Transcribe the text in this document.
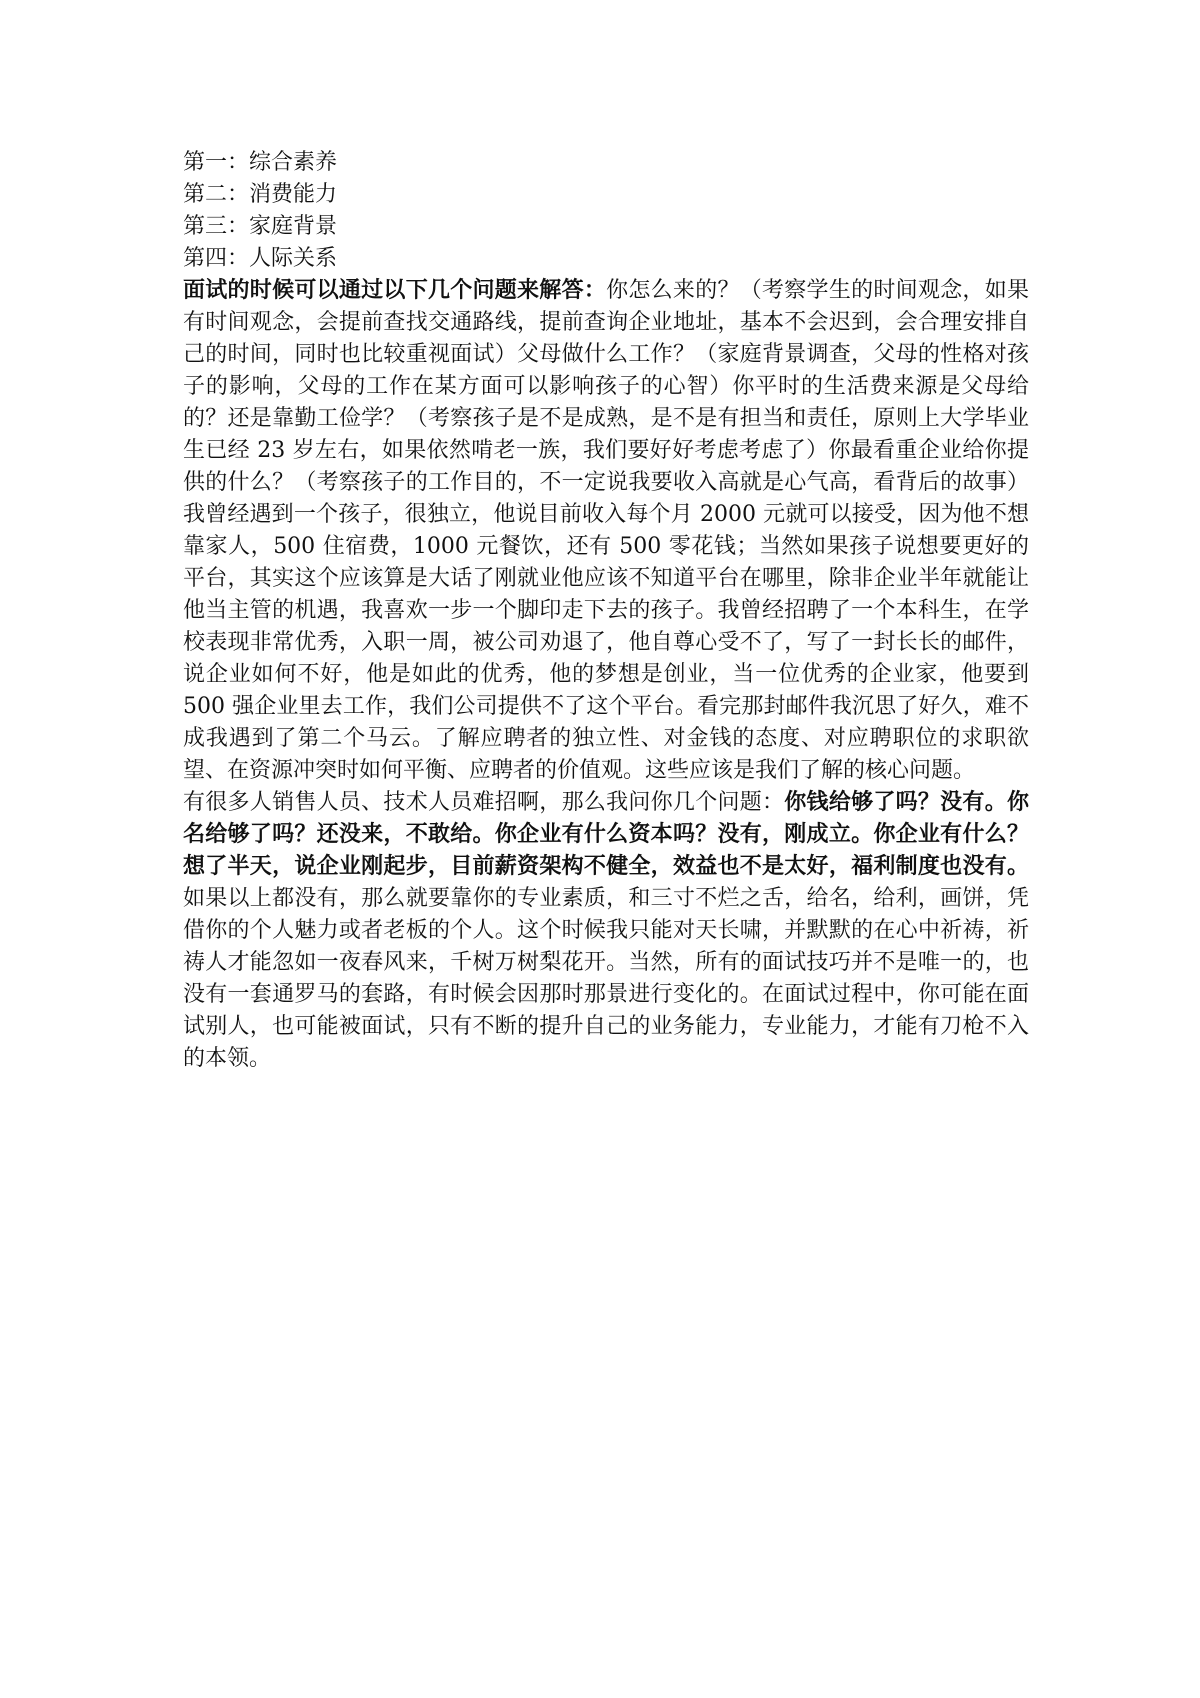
第一：综合素养
第二：消费能力
第三：家庭背景
第四：人际关系

面试的时候可以通过以下几个问题来解答：你怎么来的？（考察学生的时间观念，如果有时间观念，会提前查找交通路线，提前查询企业地址，基本不会迟到，会合理安排自己的时间，同时也比较重视面试）父母做什么工作？（家庭背景调查，父母的性格对孩子的影响，父母的工作在某方面可以影响孩子的心智）你平时的生活费来源是父母给的？还是靠勤工俭学？（考察孩子是不是成熟，是不是有担当和责任，原则上大学毕业生已经 23 岁左右，如果依然啃老一族，我们要好好考虑考虑了）你最看重企业给你提供的什么？（考察孩子的工作目的，不一定说我要收入高就是心气高，看背后的故事）我曾经遇到一个孩子，很独立，他说目前收入每个月 2000 元就可以接受，因为他不想靠家人，500 住宿费，1000 元餐饮，还有 500 零花钱；当然如果孩子说想要更好的平台，其实这个应该算是大话了刚就业他应该不知道平台在哪里，除非企业半年就能让他当主管的机遇，我喜欢一步一个脚印走下去的孩子。我曾经招聘了一个本科生，在学校表现非常优秀，入职一周，被公司劝退了，他自尊心受不了，写了一封长长的邮件，说企业如何不好，他是如此的优秀，他的梦想是创业，当一位优秀的企业家，他要到 500 强企业里去工作，我们公司提供不了这个平台。看完那封邮件我沉思了好久，难不成我遇到了第二个马云。了解应聘者的独立性、对金钱的态度、对应聘职位的求职欲望、在资源冲突时如何平衡、应聘者的价值观。这些应该是我们了解的核心问题。

有很多人销售人员、技术人员难招啊，那么我问你几个问题：你钱给够了吗？没有。你名给够了吗？还没来，不敢给。你企业有什么资本吗？没有，刚成立。你企业有什么？想了半天，说企业刚起步，目前薪资架构不健全，效益也不是太好，福利制度也没有。如果以上都没有，那么就要靠你的专业素质，和三寸不烂之舌，给名，给利，画饼，凭借你的个人魅力或者老板的个人。这个时候我只能对天长啸，并默默的在心中祈祷，祈祷人才能忽如一夜春风来，千树万树梨花开。当然，所有的面试技巧并不是唯一的，也没有一套通罗马的套路，有时候会因那时那景进行变化的。在面试过程中，你可能在面试别人，也可能被面试，只有不断的提升自己的业务能力，专业能力，才能有刀枪不入的本领。
